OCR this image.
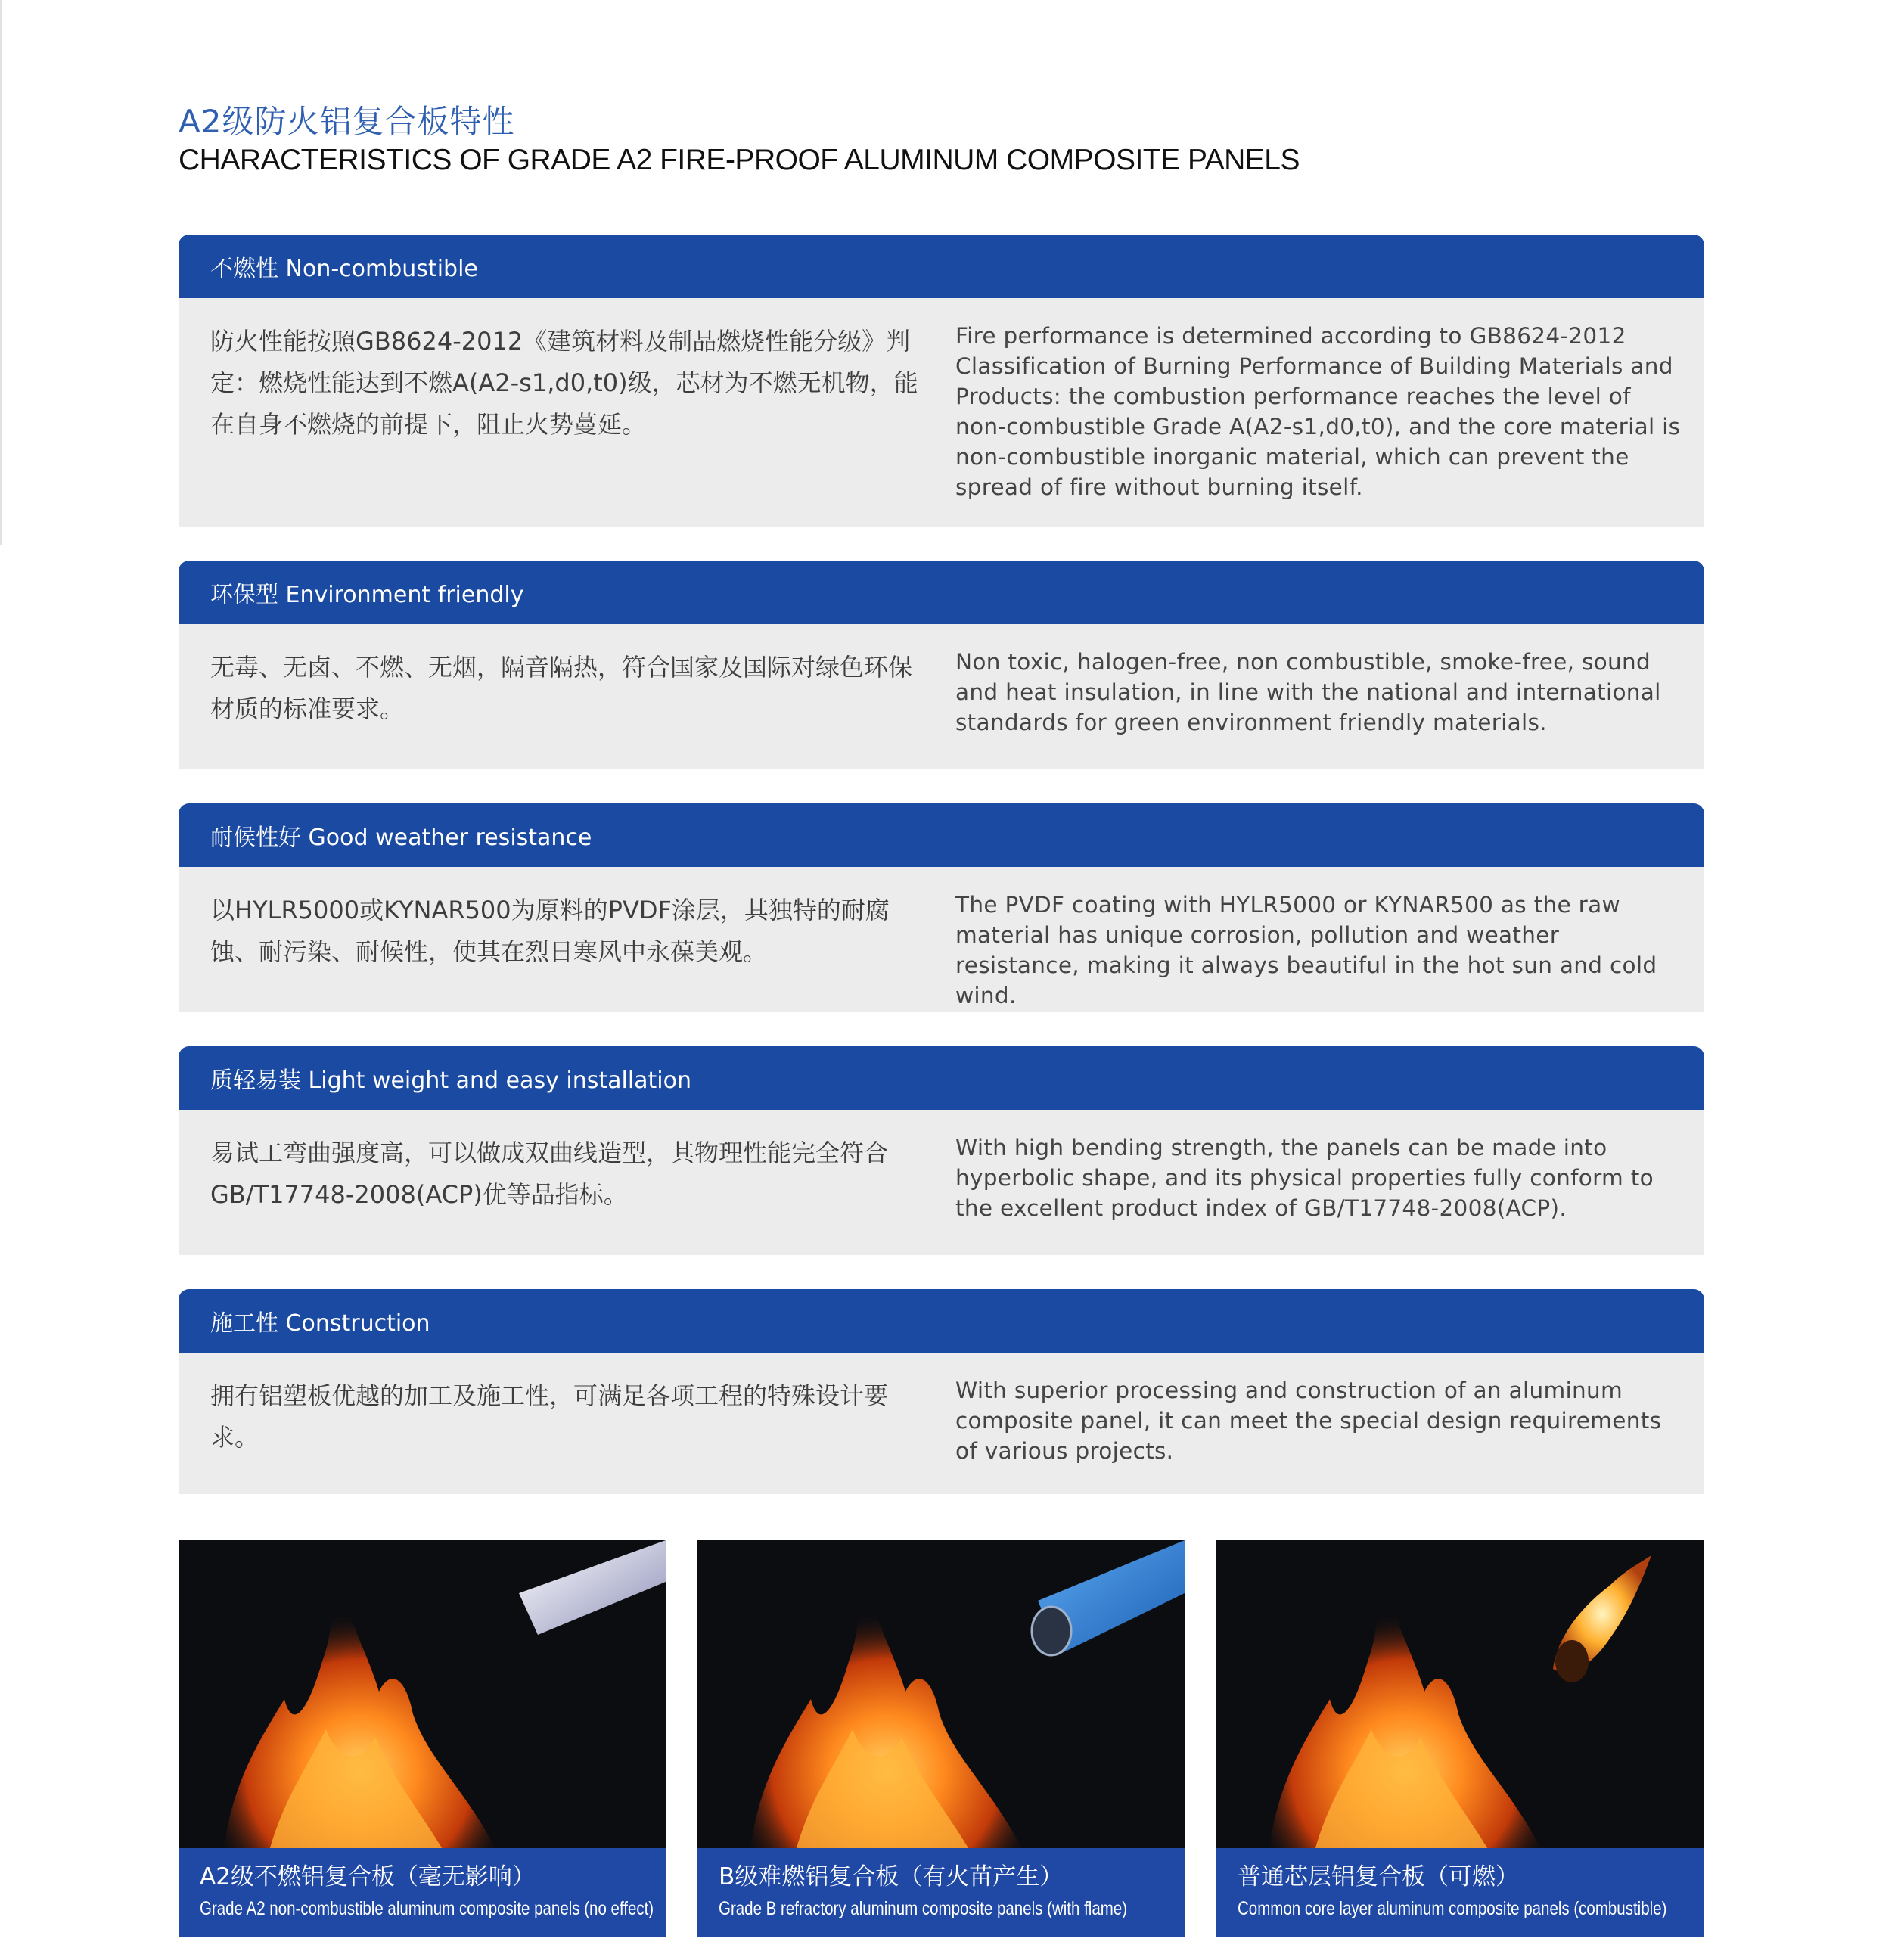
A2级防火铝复合板特性
CHARACTERISTICS OF GRADE A2 FIRE-PROOF ALUMINUM COMPOSITE PANELS
不燃性 Non-combustible
防火性能按照GB8624-2012《建筑材料及制品燃烧性能分级》判定：燃烧性能达到不燃A(A2-s1,d0,t0)级，芯材为不燃无机物，能在自身不燃烧的前提下，阻止火势蔓延。
Fire performance is determined according to GB8624-2012 Classification of Burning Performance of Building Materials and Products: the combustion performance reaches the level of non-combustible Grade A(A2-s1,d0,t0), and the core material is non-combustible inorganic material, which can prevent the spread of fire without burning itself.
环保型 Environment friendly
无毒、无卤、不燃、无烟，隔音隔热，符合国家及国际对绿色环保材质的标准要求。
Non toxic, halogen-free, non combustible, smoke-free, sound and heat insulation, in line with the national and international standards for green environment friendly materials.
耐候性好 Good weather resistance
以HYLR5000或KYNAR500为原料的PVDF涂层，其独特的耐腐蚀、耐污染、耐候性，使其在烈日寒风中永葆美观。
The PVDF coating with HYLR5000 or KYNAR500 as the raw material has unique corrosion, pollution and weather resistance, making it always beautiful in the hot sun and cold wind.
质轻易装 Light weight and easy installation
易试工弯曲强度高，可以做成双曲线造型，其物理性能完全符合GB/T17748-2008(ACP)优等品指标。
With high bending strength, the panels can be made into hyperbolic shape, and its physical properties fully conform to the excellent product index of GB/T17748-2008(ACP).
施工性 Construction
拥有铝塑板优越的加工及施工性，可满足各项工程的特殊设计要求。
With superior processing and construction of an aluminum composite panel, it can meet the special design requirements of various projects.
A2级不燃铝复合板（毫无影响）
Grade A2 non-combustible aluminum composite panels (no effect)
B级难燃铝复合板（有火苗产生）
Grade B refractory aluminum composite panels (with flame)
普通芯层铝复合板（可燃）
Common core layer aluminum composite panels (combustible)
